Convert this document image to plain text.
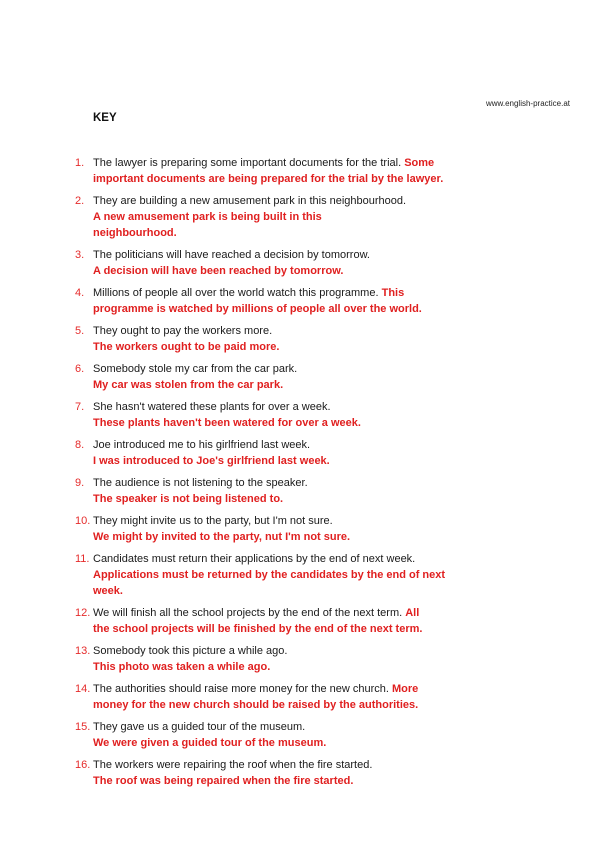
www.english-practice.at
KEY
1. The lawyer is preparing some important documents for the trial. Some
important documents are being prepared for the trial by the lawyer.
2. They are building a new amusement park in this neighbourhood.
A new amusement park is being built in this
neighbourhood.
3. The politicians will have reached a decision by tomorrow.
A decision will have been reached by tomorrow.
4. Millions of people all over the world watch this programme. This
programme is watched by millions of people all over the world.
5. They ought to pay the workers more.
The workers ought to be paid more.
6. Somebody stole my car from the car park.
My car was stolen from the car park.
7. She hasn't watered these plants for over a week.
These plants haven't been watered for over a week.
8. Joe introduced me to his girlfriend last week.
I was introduced to Joe's girlfriend last week.
9. The audience is not listening to the speaker.
The speaker is not being listened to.
10. They might invite us to the party, but I'm not sure.
We might by invited to the party, nut I'm not sure.
11. Candidates must return their applications by the end of next week.
Applications must be returned by the candidates by the end of next
week.
12. We will finish all the school projects by the end of the next term. All
the school projects will be finished by the end of the next term.
13. Somebody took this picture a while ago.
This photo was taken a while ago.
14. The authorities should raise more money for the new church. More
money for the new church should be raised by the authorities.
15. They gave us a guided tour of the museum.
We were given a guided tour of the museum.
16. The workers were repairing the roof when the fire started.
The roof was being repaired when the fire started.
